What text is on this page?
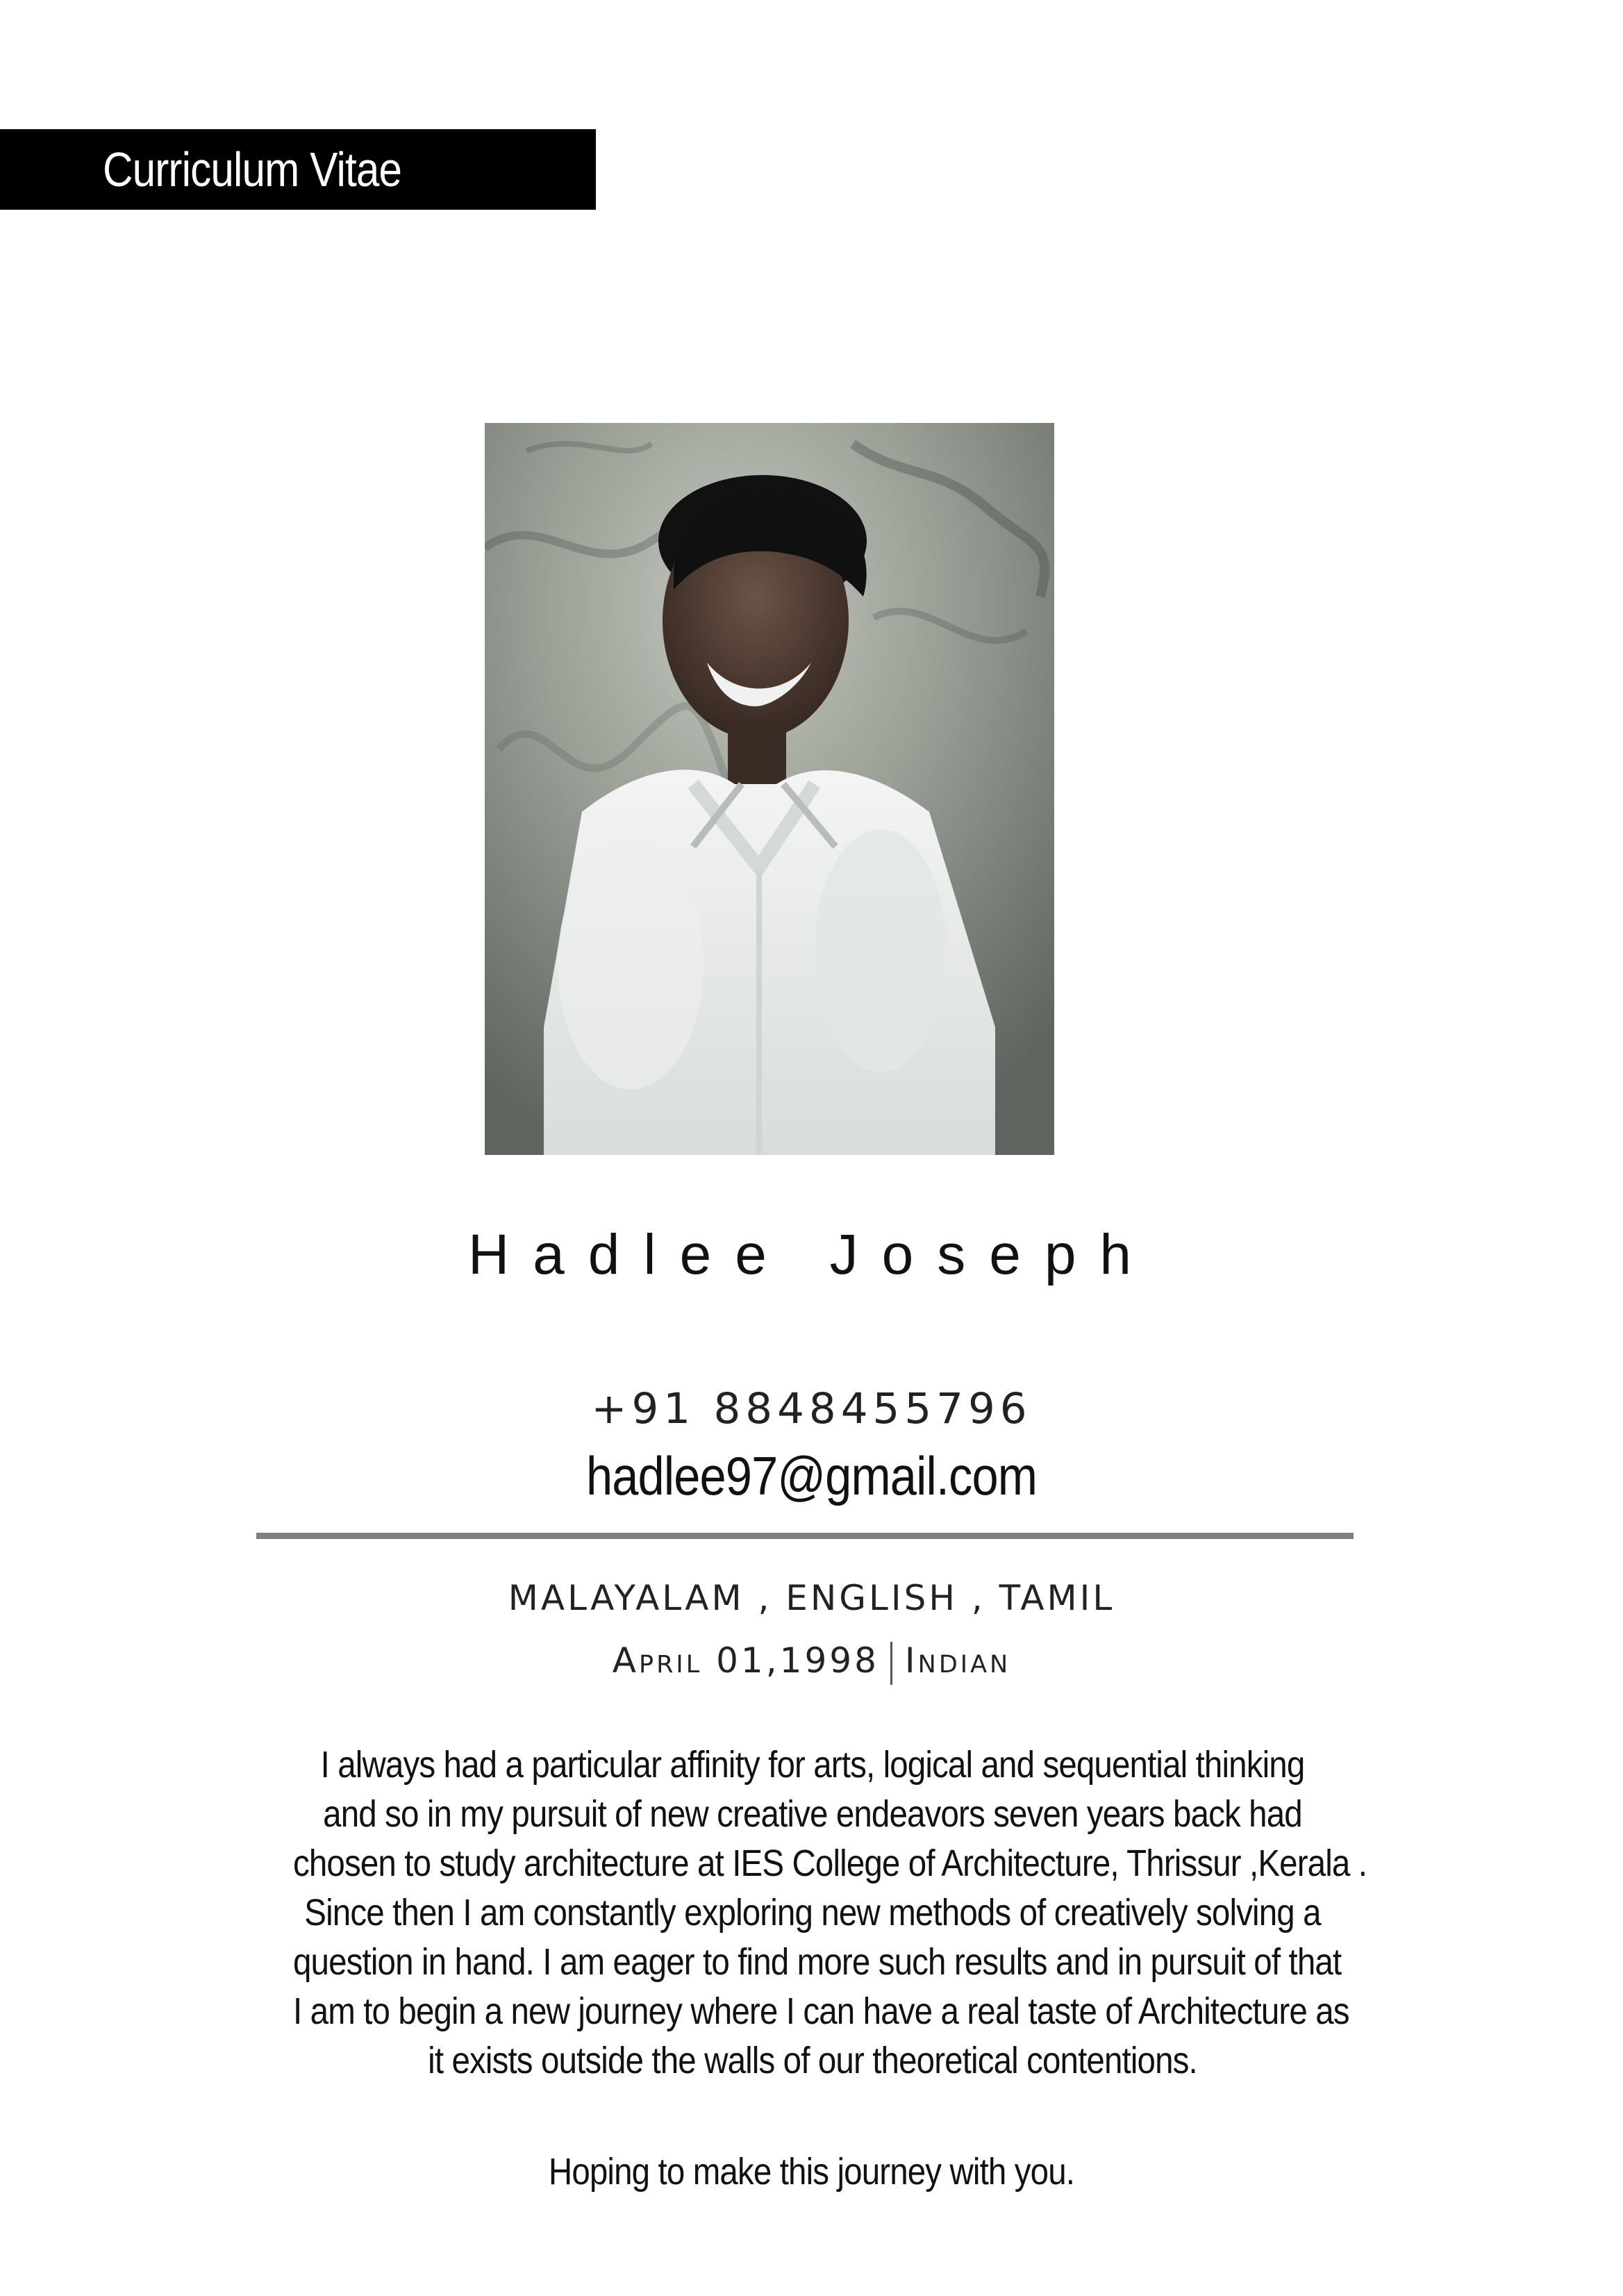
Curriculum Vitae
Hadlee Joseph
+91 8848455796
hadlee97@gmail.com
MALAYALAM , ENGLISH , TAMIL
April 01,1998 Indian

I always had a particular affinity for arts, logical and sequential thinking
and so in my pursuit of new creative endeavors seven years back had
chosen to study architecture at IES College of Architecture, Thrissur ,Kerala .
Since then I am constantly exploring new methods of creatively solving a
question in hand. I am eager to find more such results and in pursuit of that
I am to begin a new journey where I can have a real taste of Architecture as
it exists outside the walls of our theoretical contentions.

Hoping to make this journey with you.
